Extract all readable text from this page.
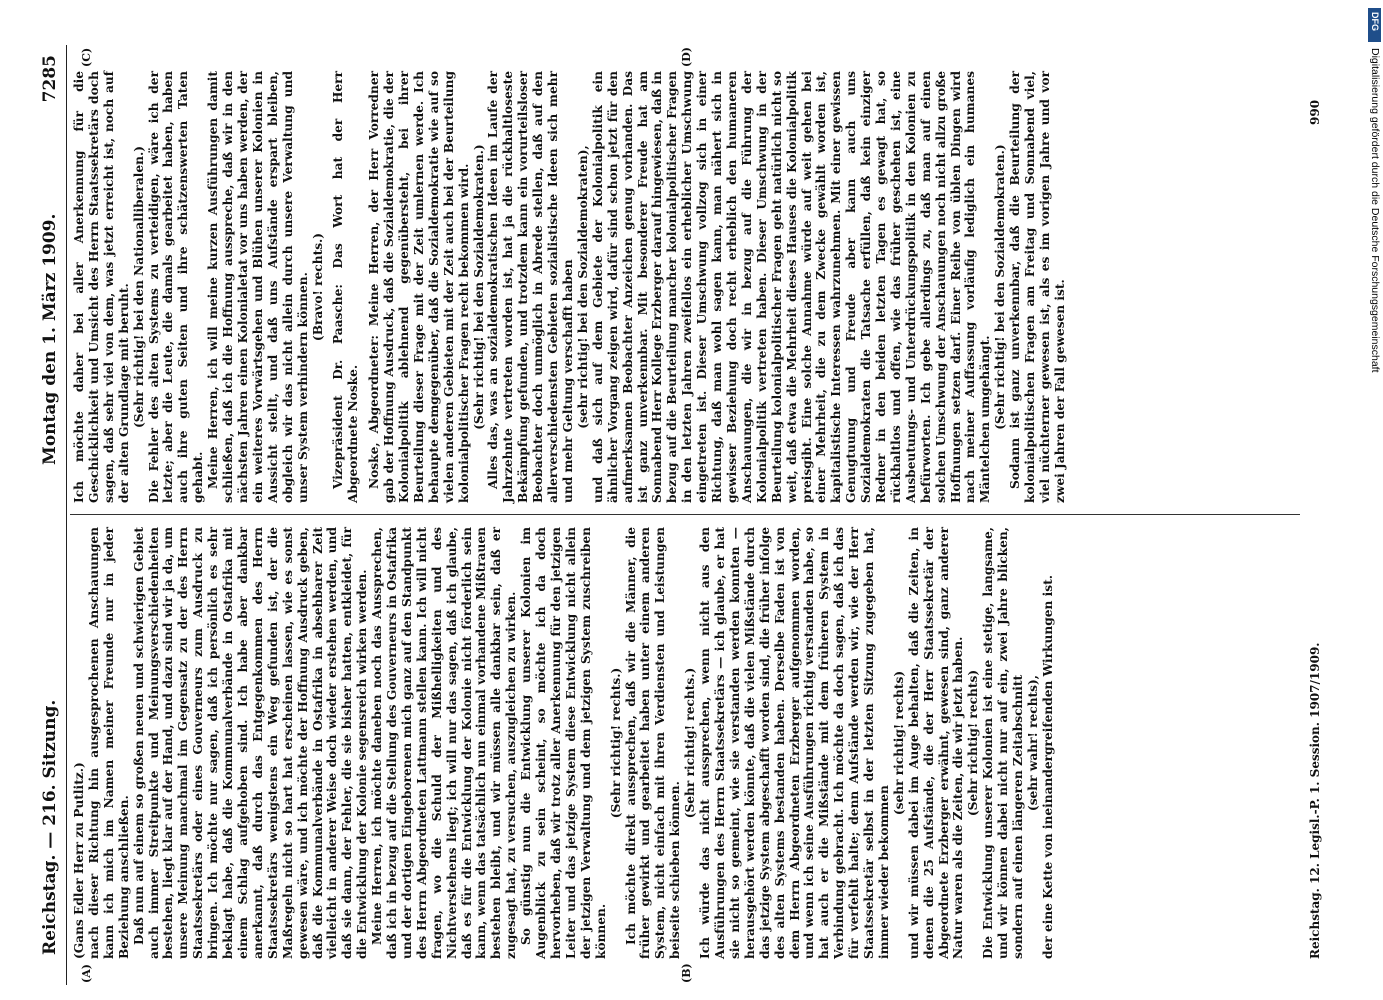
Reichstag. — 216. Sitzung.
Montag den 1. März 1909.
7285
(A)	(B)
(C)	(D)

(Gans Edler Herr zu Putlitz.) nach dieser Richtung hin ausgesprochenen Anschauungen kann ich mich im Namen meiner Freunde nur in jeder Beziehung anschließen. Daß nun auf einem so großen neuen und schwierigen Gebiet auch immer Streitpunkte und Meinungsverschiedenheiten bestehen, liegt klar auf der Hand, und dazu sind wir ja da, um unsere Meinung manchmal im Gegensatz zu der des Herrn Staatssekretärs oder eines Gouverneurs zum Ausdruck zu bringen. Ich möchte nur sagen, daß ich persönlich es sehr beklagt habe, daß die Kommunalverbände in Ostafrika mit einem Schlag aufgehoben sind. Ich habe aber dankbar anerkannt, daß durch das Entgegenkommen des Herrn Staatssekretärs wenigstens ein Weg gefunden ist, der die Maßregeln nicht so hart hat erscheinen lassen, wie es sonst gewesen wäre, und ich möchte der Hoffnung Ausdruck geben, daß die Kommunalverbände in Ostafrika in absehbarer Zeit vielleicht in anderer Weise doch wieder erstehen werden, und daß sie dann, der Fehler, die sie bisher hatten, entkleidet, für die Entwicklung der Kolonie segensreich wirken werden. Meine Herren, ich möchte daneben noch das Aussprechen, daß ich in bezug auf die Stellung des Gouverneurs in Ostafrika und der dortigen Eingeborenen mich ganz auf den Standpunkt des Herrn Abgeordneten Lattmann stellen kann. Ich will nicht fragen, wo die Schuld der Mißhelligkeiten und des Nichtverstehens liegt; ich will nur das sagen, daß ich glaube, daß es für die Entwicklung der Kolonie nicht förderlich sein kann, wenn das tatsächlich nun einmal vorhandene Mißtrauen bestehen bleibt, und wir müssen alle dankbar sein, daß er zugesagt hat, zu versuchen, auszugleichen zu wirken. So günstig nun die Entwicklung unserer Kolonien im Augenblick zu sein scheint, so möchte ich da doch hervorheben, daß wir trotz aller Anerkennung für den jetzigen Leiter und das jetzige System diese Entwicklung nicht allein der jetzigen Verwaltung und dem jetzigen System zuschreiben können.

(Sehr richtig! rechts.) Ich möchte direkt aussprechen, daß wir die Männer, die früher gewirkt und gearbeitet haben unter einem anderen System, nicht einfach mit ihren Verdiensten und Leistungen beiseite schieben können.

(Sehr richtig! rechts.) Ich würde das nicht aussprechen, wenn nicht aus den Ausführungen des Herrn Staatssekretärs — ich glaube, er hat sie nicht so gemeint, wie sie verstanden werden konnten — herausgehört werden könnte, daß die vielen Mißstände durch das jetzige System abgeschafft worden sind, die früher infolge des alten Systems bestanden haben. Derselbe Faden ist von dem Herrn Abgeordneten Erzberger aufgenommen worden, und wenn ich seine Ausführungen richtig verstanden habe, so hat auch er die Mißstände mit dem früheren System in Verbindung gebracht. Ich möchte da doch sagen, daß ich das für verfehlt halte; denn Aufstände werden wir, wie der Herr Staatssekretär selbst in der letzten Sitzung zugegeben hat, immer wieder bekommen

(sehr richtig! rechts) und wir müssen dabei im Auge behalten, daß die Zeiten, in denen die 25 Aufstände, die der Herr Staatssekretär der Abgeordnete Erzberger erwähnt, gewesen sind, ganz anderer Natur waren als die Zeiten, die wir jetzt haben. (Sehr richtig! rechts) Die Entwicklung unserer Kolonien ist eine stetige, langsame, und wir können dabei nicht nur auf ein, zwei Jahre blicken, sondern auf einen längeren Zeitabschnitt (sehr wahr! rechts), der eine Kette von ineinandergreifenden Wirkungen ist.

Ich möchte daher bei aller Anerkennung für die Geschicklichkeit und Umsicht des Herrn Staatssekretärs doch sagen, daß sehr viel von dem, was jetzt erreicht ist, noch auf der alten Grundlage mit beruht. (Sehr richtig! bei den Nationalliberalen.) Die Fehler des alten Systems zu verteidigen, wäre ich der letzte; aber die Leute, die damals gearbeitet haben, haben auch ihre guten Seiten und ihre schätzenswerten Taten gehabt. Meine Herren, ich will meine kurzen Ausführungen damit schließen, daß ich die Hoffnung ausspreche, daß wir in den nächsten Jahren einen Kolonialetat vor uns haben werden, der ein weiteres Vorwärtsgehen und Blühen unserer Kolonien in Aussicht stellt, und daß uns Aufstände erspart bleiben, obgleich wir das nicht allein durch unsere Verwaltung und unser System verhindern können. (Bravo! rechts.) Vizepräsident Dr. Paasche: Das Wort hat der Herr Abgeordnete Noske. Noske, Abgeordneter: Meine Herren, der Herr Vorredner gab der Hoffnung Ausdruck, daß die Sozialdemokratie, die der Kolonialpolitik ablehnend gegenübersteht, bei ihrer Beurteilung dieser Frage mit der Zeit umlernen werde. Ich behaupte demgegenüber, daß die Sozialdemokratie wie auf so vielen anderen Gebieten mit der Zeit auch bei der Beurteilung kolonialpolitischer Fragen recht bekommen wird. (Sehr richtig! bei den Sozialdemokraten.) Alles das, was an sozialdemokratischen Ideen im Laufe der Jahrzehnte vertreten worden ist, hat ja die rückhaltloseste Bekämpfung gefunden, und trotzdem kann ein vorurteilsloser Beobachter doch unmöglich in Abrede stellen, daß auf den allerverschiedensten Gebieten sozialistische Ideen sich mehr und mehr Geltung verschafft haben (sehr richtig! bei den Sozialdemokraten), und daß sich auf dem Gebiete der Kolonialpolitik ein ähnlicher Vorgang zeigen wird, dafür sind schon jetzt für den aufmerksamen Beobachter Anzeichen genug vorhanden. Das ist ganz unverkennbar. Mit besonderer Freude hat am Sonnabend Herr Kollege Erzberger darauf hingewiesen, daß in bezug auf die Beurteilung mancher kolonialpolitischer Fragen in den letzten Jahren zweifellos ein erheblicher Umschwung eingetreten ist. Dieser Umschwung vollzog sich in einer Richtung, daß man wohl sagen kann, man nähert sich in gewisser Beziehung doch recht erheblich den humaneren Anschauungen, die wir in bezug auf die Führung der Kolonialpolitik vertreten haben. Dieser Umschwung in der Beurteilung kolonialpolitischer Fragen geht natürlich nicht so weit, daß etwa die Mehrheit dieses Hauses die Kolonialpolitik preisgibt. Eine solche Annahme würde auf weit gehen bei einer Mehrheit, die zu dem Zwecke gewählt worden ist, kapitalistische Interessen wahrzunehmen. Mit einer gewissen Genugtuung und Freude aber kann auch uns Sozialdemokraten die Tatsache erfüllen, daß kein einziger Redner in den beiden letzten Tagen es gewagt hat, so rückhaltlos und offen, wie das früher geschehen ist, eine Ausbeutungs- und Unterdrückungspolitik in den Kolonien zu befürworten. Ich gebe allerdings zu, daß man auf einen solchen Umschwung der Anschauungen noch nicht allzu große Hoffnungen setzen darf. Einer Reihe von üblen Dingen wird nach meiner Auffassung vorläufig lediglich ein humanes Mäntelchen umgehängt. (Sehr richtig! bei den Sozialdemokraten.) Sodann ist ganz unverkennbar, daß die Beurteilung der kolonialpolitischen Fragen am Freitag und Sonnabend viel, viel nüchterner gewesen ist, als es im vorigen Jahre und vor zwei Jahren der Fall gewesen ist.

Reichstag. 12. Legisl.-P. 1. Session. 1907/1909.
990
DFG
Digitalisierung gefördert durch die Deutsche Forschungsgemeinschaft
